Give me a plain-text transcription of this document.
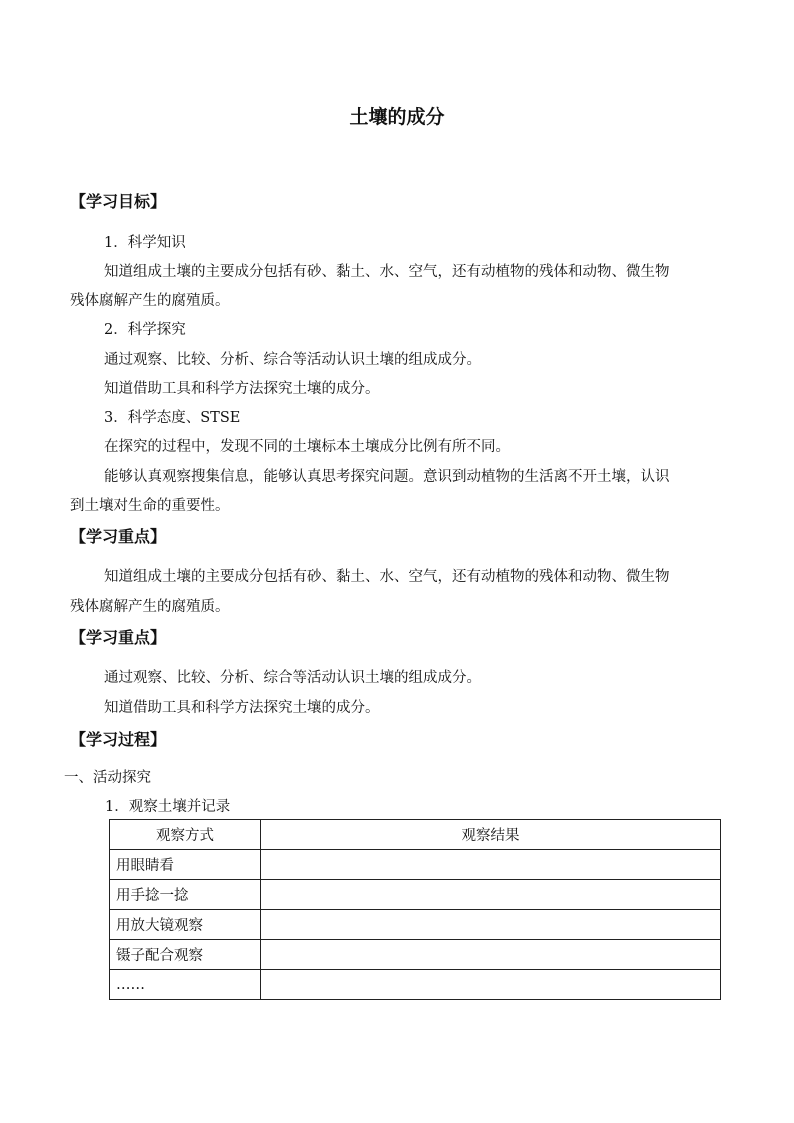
土壤的成分
【学习目标】
1．科学知识
知道组成土壤的主要成分包括有砂、黏土、水、空气，还有动植物的残体和动物、微生物
残体腐解产生的腐殖质。
2．科学探究
通过观察、比较、分析、综合等活动认识土壤的组成成分。
知道借助工具和科学方法探究土壤的成分。
3．科学态度、STSE
在探究的过程中，发现不同的土壤标本土壤成分比例有所不同。
能够认真观察搜集信息，能够认真思考探究问题。意识到动植物的生活离不开土壤，认识
到土壤对生命的重要性。
【学习重点】
知道组成土壤的主要成分包括有砂、黏土、水、空气，还有动植物的残体和动物、微生物
残体腐解产生的腐殖质。
【学习重点】
通过观察、比较、分析、综合等活动认识土壤的组成成分。
知道借助工具和科学方法探究土壤的成分。
【学习过程】
一、活动探究
1．观察土壤并记录
观察方式	观察结果
用眼睛看	
用手捻一捻	
用放大镜观察	
镊子配合观察	
……	
